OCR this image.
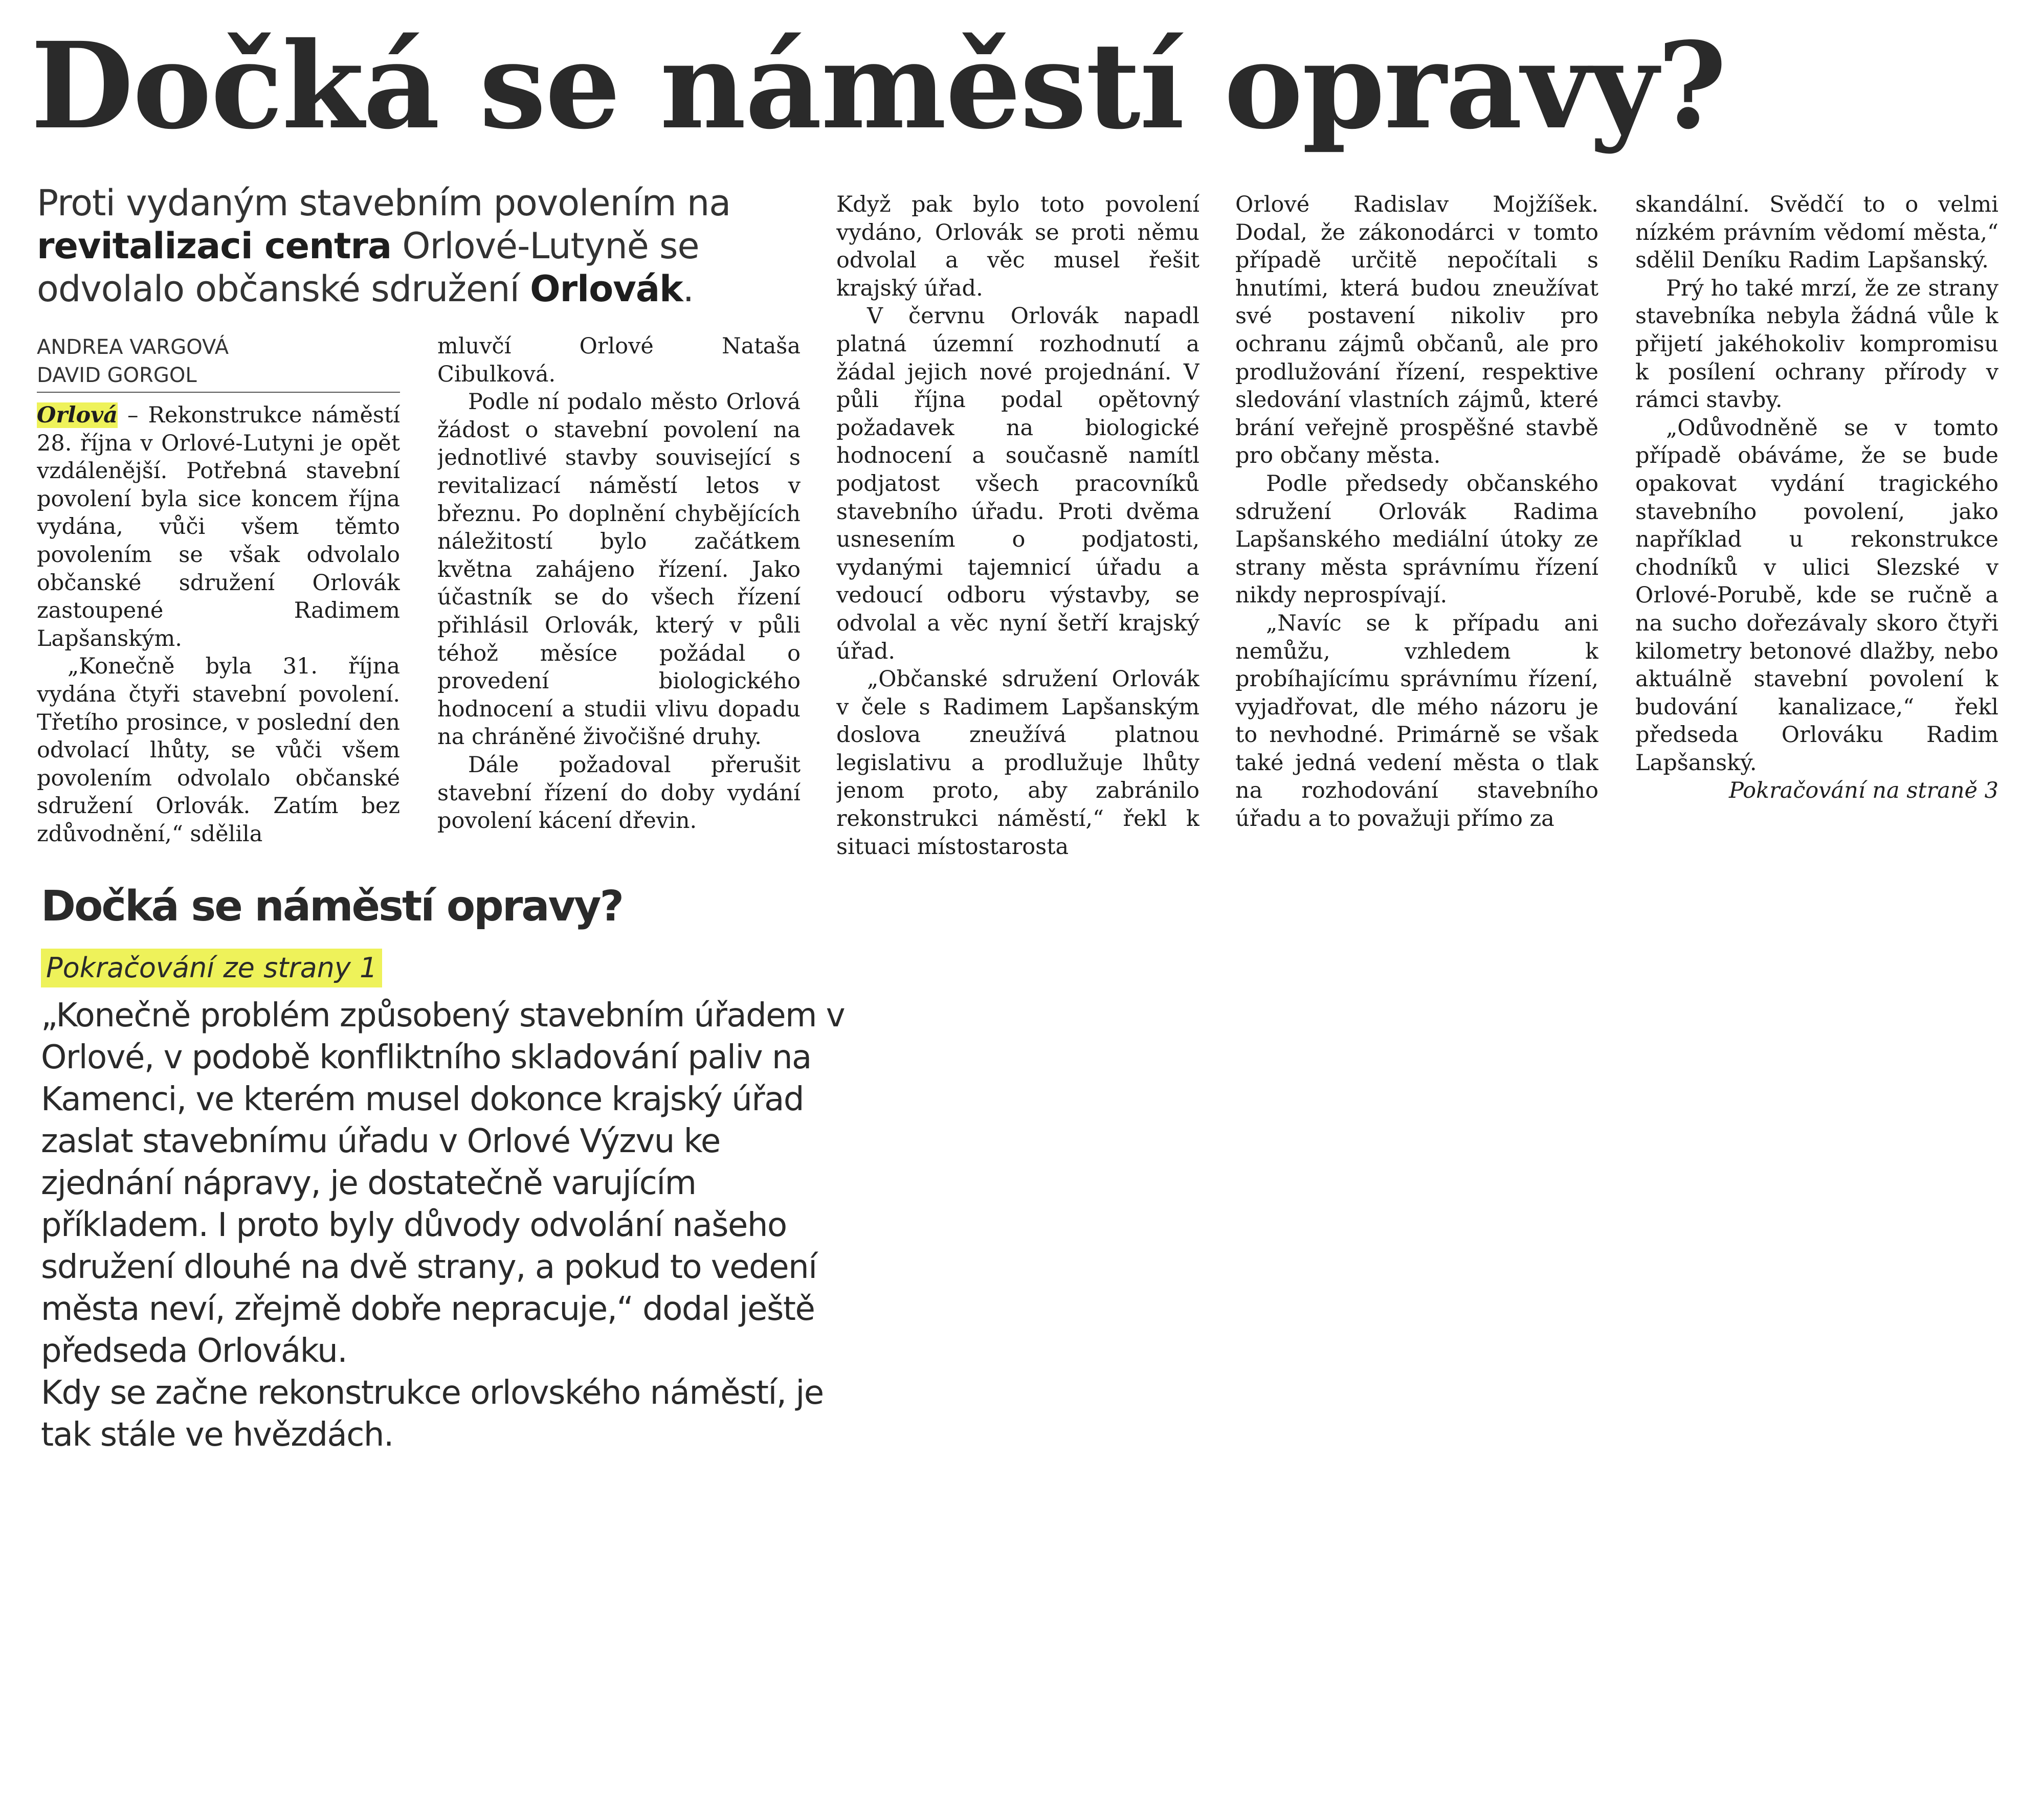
Dočká se náměstí opravy?
Proti vydaným stavebním povolením na revitalizaci centra Orlové-Lutyně se odvolalo občanské sdružení Orlovák.
ANDREA VARGOVÁ
DAVID GORGOL

Orlová – Rekonstrukce náměstí 28. října v Orlové-Lutyni je opět vzdálenější. Potřebná stavební povolení byla sice koncem října vydána, vůči všem těmto povolením se však odvolalo občanské sdružení Orlovák zastoupené Radimem Lapšanským.

„Konečně byla 31. října vydána čtyři stavební povolení. Třetího prosince, v poslední den odvolací lhůty, se vůči všem povolením odvolalo občanské sdružení Orlovák. Zatím bez zdůvodnění,“ sdělila

mluvčí Orlové Nataša Cibulková.

Podle ní podalo město Orlová žádost o stavební povolení na jednotlivé stavby související s revitalizací náměstí letos v březnu. Po doplnění chybějících náležitostí bylo začátkem května zahájeno řízení. Jako účastník se do všech řízení přihlásil Orlovák, který v půli téhož měsíce požádal o provedení biologického hodnocení a studii vlivu dopadu na chráněné živočišné druhy.

Dále požadoval přerušit stavební řízení do doby vydání povolení kácení dřevin.

Když pak bylo toto povolení vydáno, Orlovák se proti němu odvolal a věc musel řešit krajský úřad.

V červnu Orlovák napadl platná územní rozhodnutí a žádal jejich nové projednání. V půli října podal opětovný požadavek na biologické hodnocení a současně namítl podjatost všech pracovníků stavebního úřadu. Proti dvěma usnesením o podjatosti, vydanými tajemnicí úřadu a vedoucí odboru výstavby, se odvolal a věc nyní šetří krajský úřad.

„Občanské sdružení Orlovák v čele s Radimem Lapšanským doslova zneužívá platnou legislativu a prodlužuje lhůty jenom proto, aby zabránilo rekonstrukci náměstí,“ řekl k situaci místostarosta

Orlové Radislav Mojžíšek. Dodal, že zákonodárci v tomto případě určitě nepočítali s hnutími, která budou zneužívat své postavení nikoliv pro ochranu zájmů občanů, ale pro prodlužování řízení, respektive sledování vlastních zájmů, které brání veřejně prospěšné stavbě pro občany města.

Podle předsedy občanského sdružení Orlovák Radima Lapšanského mediální útoky ze strany města správnímu řízení nikdy neprospívají.

„Navíc se k případu ani nemůžu, vzhledem k probíhajícímu správnímu řízení, vyjadřovat, dle mého názoru je to nevhodné. Primárně se však také jedná vedení města o tlak na rozhodování stavebního úřadu a to považuji přímo za

skandální. Svědčí to o velmi nízkém právním vědomí města,“ sdělil Deníku Radim Lapšanský.

Prý ho také mrzí, že ze strany stavebníka nebyla žádná vůle k přijetí jakéhokoliv kompromisu k posílení ochrany přírody v rámci stavby.

„Odůvodněně se v tomto případě obáváme, že se bude opakovat vydání tragického stavebního povolení, jako například u rekonstrukce chodníků v ulici Slezské v Orlové-Porubě, kde se ručně a na sucho dořezávaly skoro čtyři kilometry betonové dlažby, nebo aktuálně stavební povolení k budování kanalizace,“ řekl předseda Orlováku Radim Lapšanský.

Pokračování na straně 3
Dočká se náměstí opravy?
Pokračování ze strany 1

„Konečně problém způsobený stavebním úřadem v Orlové, v podobě konfliktního skladování paliv na Kamenci, ve kterém musel dokonce krajský úřad zaslat stavebnímu úřadu v Orlové Výzvu ke zjednání nápravy, je dostatečně varujícím příkladem. I proto byly důvody odvolání našeho sdružení dlouhé na dvě strany, a pokud to vedení města neví, zřejmě dobře nepracuje,“ dodal ještě předseda Orlováku.

Kdy se začne rekonstrukce orlovského náměstí, je tak stále ve hvězdách.
